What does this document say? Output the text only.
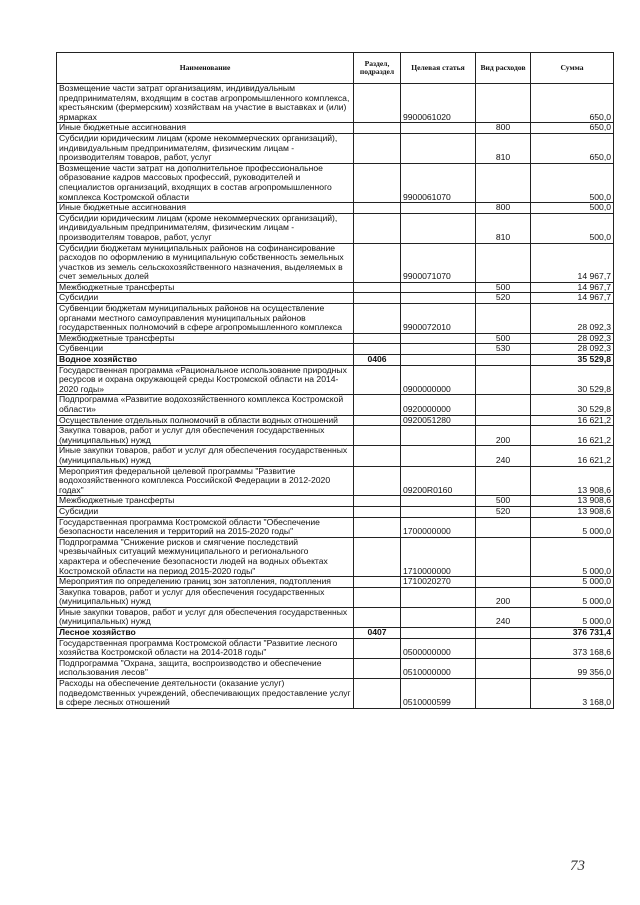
Наименование	Раздел, подраздел	Целевая статья	Вид расходов	Сумма
Возмещение части затрат организациям, индивидуальным предпринимателям, входящим в состав агропромышленного комплекса, крестьянским (фермерским) хозяйствам на участие в выставках и (или) ярмарках		9900061020		650,0
Иные бюджетные ассигнования			800	650,0
Субсидии юридическим лицам (кроме некоммерческих организаций), индивидуальным предпринимателям, физическим лицам - производителям товаров, работ, услуг			810	650,0
Возмещение части затрат на дополнительное профессиональное образование кадров массовых профессий, руководителей и специалистов организаций, входящих в состав агропромышленного комплекса Костромской области		9900061070		500,0
Иные бюджетные ассигнования			800	500,0
Субсидии юридическим лицам (кроме некоммерческих организаций), индивидуальным предпринимателям, физическим лицам - производителям товаров, работ, услуг			810	500,0
Субсидии бюджетам муниципальных районов на софинансирование расходов по оформлению в муниципальную собственность земельных участков из земель сельскохозяйственного назначения, выделяемых в счет земельных долей		9900071070		14 967,7
Межбюджетные трансферты			500	14 967,7
Субсидии			520	14 967,7
Субвенции бюджетам муниципальных районов на осуществление органами местного самоуправления муниципальных районов государственных полномочий в сфере агропромышленного комплекса		9900072010		28 092,3
Межбюджетные трансферты			500	28 092,3
Субвенции			530	28 092,3
Водное хозяйство	0406			35 529,8
Государственная программа «Рациональное использование природных ресурсов и охрана окружающей среды Костромской области на 2014-2020 годы»		0900000000		30 529,8
Подпрограмма «Развитие водохозяйственного комплекса Костромской области»		0920000000		30 529,8
Осуществление отдельных полномочий в области водных отношений		0920051280		16 621,2
Закупка товаров, работ и услуг для обеспечения государственных (муниципальных) нужд			200	16 621,2
Иные закупки товаров, работ и услуг для обеспечения государственных (муниципальных) нужд			240	16 621,2
Мероприятия федеральной целевой программы "Развитие водохозяйственного комплекса Российской Федерации в 2012-2020 годах"		09200R0160		13 908,6
Межбюджетные трансферты			500	13 908,6
Субсидии			520	13 908,6
Государственная программа Костромской области "Обеспечение безопасности населения и территорий на 2015-2020 годы"		1700000000		5 000,0
Подпрограмма "Снижение рисков и смягчение последствий чрезвычайных ситуаций межмуниципального и регионального характера и обеспечение безопасности людей на водных объектах Костромской области на период 2015-2020 годы"		1710000000		5 000,0
Мероприятия по определению границ зон затопления, подтопления		1710020270		5 000,0
Закупка товаров, работ и услуг для обеспечения государственных (муниципальных) нужд			200	5 000,0
Иные закупки товаров, работ и услуг для обеспечения государственных (муниципальных) нужд			240	5 000,0
Лесное хозяйство	0407			376 731,4
Государственная программа Костромской области "Развитие лесного хозяйства Костромской области на 2014-2018 годы"		0500000000		373 168,6
Подпрограмма "Охрана, защита, воспроизводство и обеспечение использования лесов"		0510000000		99 356,0
Расходы на обеспечение деятельности (оказание услуг) подведомственных учреждений, обеспечивающих предоставление услуг в сфере лесных отношений		0510000599		3 168,0
73
